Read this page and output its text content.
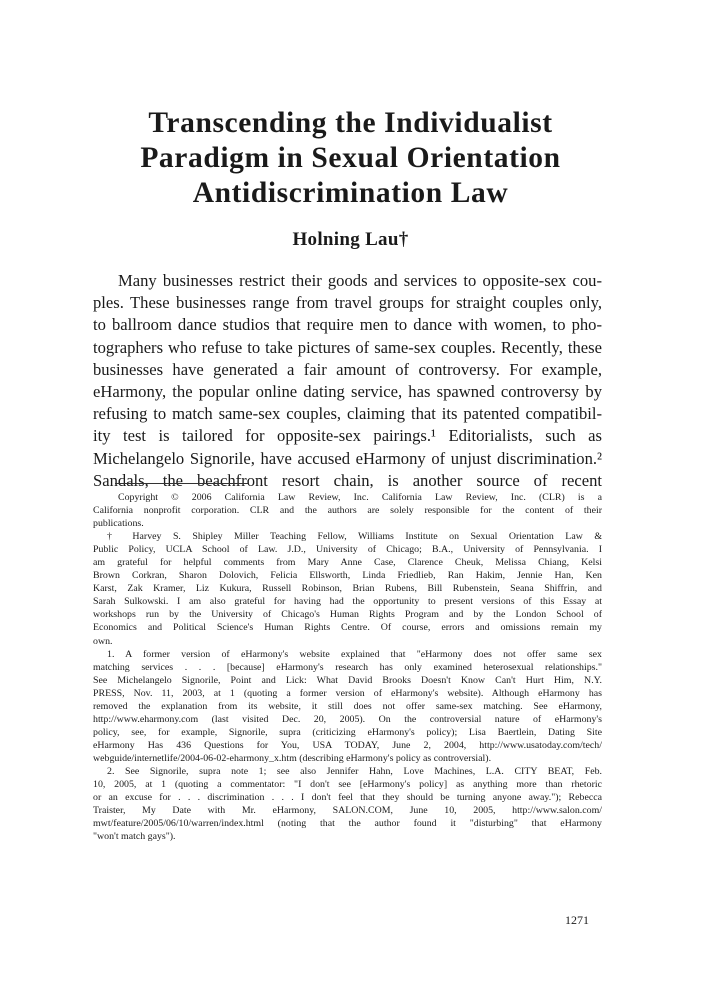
Transcending the Individualist
Paradigm in Sexual Orientation
Antidiscrimination Law
Holning Lau†
Many businesses restrict their goods and services to opposite-sex cou-
ples. These businesses range from travel groups for straight couples only,
to ballroom dance studios that require men to dance with women, to pho-
tographers who refuse to take pictures of same-sex couples. Recently, these
businesses have generated a fair amount of controversy. For example,
eHarmony, the popular online dating service, has spawned controversy by
refusing to match same-sex couples, claiming that its patented compatibil-
ity test is tailored for opposite-sex pairings.¹ Editorialists, such as
Michelangelo Signorile, have accused eHarmony of unjust discrimination.²
Sandals, the beachfront resort chain, is another source of recent
Copyright © 2006 California Law Review, Inc. California Law Review, Inc. (CLR) is a
California nonprofit corporation. CLR and the authors are solely responsible for the content of their
publications.
† Harvey S. Shipley Miller Teaching Fellow, Williams Institute on Sexual Orientation Law &
Public Policy, UCLA School of Law. J.D., University of Chicago; B.A., University of Pennsylvania. I
am grateful for helpful comments from Mary Anne Case, Clarence Cheuk, Melissa Chiang, Kelsi
Brown Corkran, Sharon Dolovich, Felicia Ellsworth, Linda Friedlieb, Ran Hakim, Jennie Han, Ken
Karst, Zak Kramer, Liz Kukura, Russell Robinson, Brian Rubens, Bill Rubenstein, Seana Shiffrin, and
Sarah Sulkowski. I am also grateful for having had the opportunity to present versions of this Essay at
workshops run by the University of Chicago's Human Rights Program and by the London School of
Economics and Political Science's Human Rights Centre. Of course, errors and omissions remain my
own.
1. A former version of eHarmony's website explained that "eHarmony does not offer same sex
matching services . . . [because] eHarmony's research has only examined heterosexual relationships."
See Michelangelo Signorile, Point and Lick: What David Brooks Doesn't Know Can't Hurt Him, N.Y.
PRESS, Nov. 11, 2003, at 1 (quoting a former version of eHarmony's website). Although eHarmony has
removed the explanation from its website, it still does not offer same-sex matching. See eHarmony,
http://www.eharmony.com (last visited Dec. 20, 2005). On the controversial nature of eHarmony's
policy, see, for example, Signorile, supra (criticizing eHarmony's policy); Lisa Baertlein, Dating Site
eHarmony Has 436 Questions for You, USA TODAY, June 2, 2004, http://www.usatoday.com/tech/
webguide/internetlife/2004-06-02-eharmony_x.htm (describing eHarmony's policy as controversial).
2. See Signorile, supra note 1; see also Jennifer Hahn, Love Machines, L.A. CITY BEAT, Feb.
10, 2005, at 1 (quoting a commentator: "I don't see [eHarmony's policy] as anything more than rhetoric
or an excuse for . . . discrimination . . . I don't feel that they should be turning anyone away."); Rebecca
Traister, My Date with Mr. eHarmony, SALON.COM, June 10, 2005, http://www.salon.com/
mwt/feature/2005/06/10/warren/index.html (noting that the author found it "disturbing" that eHarmony
"won't match gays").
1271
